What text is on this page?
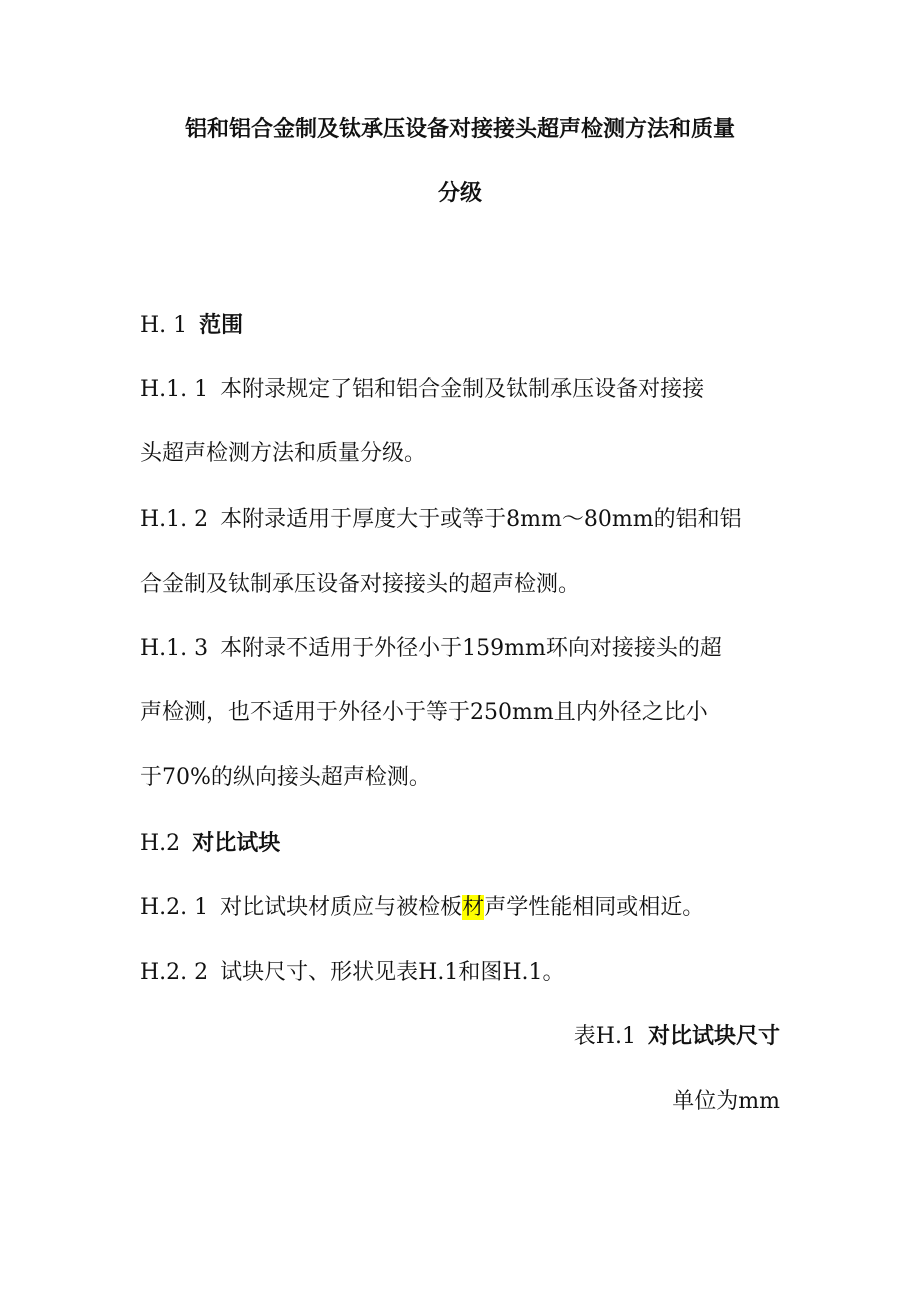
铝和铝合金制及钛承压设备对接接头超声检测方法和质量
分级
H. 1 范围
H.1. 1 本附录规定了铝和铝合金制及钛制承压设备对接接
头超声检测方法和质量分级。
H.1. 2 本附录适用于厚度大于或等于8mm～80mm的铝和铝
合金制及钛制承压设备对接接头的超声检测。
H.1. 3 本附录不适用于外径小于159mm环向对接接头的超
声检测，也不适用于外径小于等于250mm且内外径之比小
于70%的纵向接头超声检测。
H.2 对比试块
H.2. 1 对比试块材质应与被检板材声学性能相同或相近。
H.2. 2 试块尺寸、形状见表H.1和图H.1。
表H.1 对比试块尺寸
单位为mm
